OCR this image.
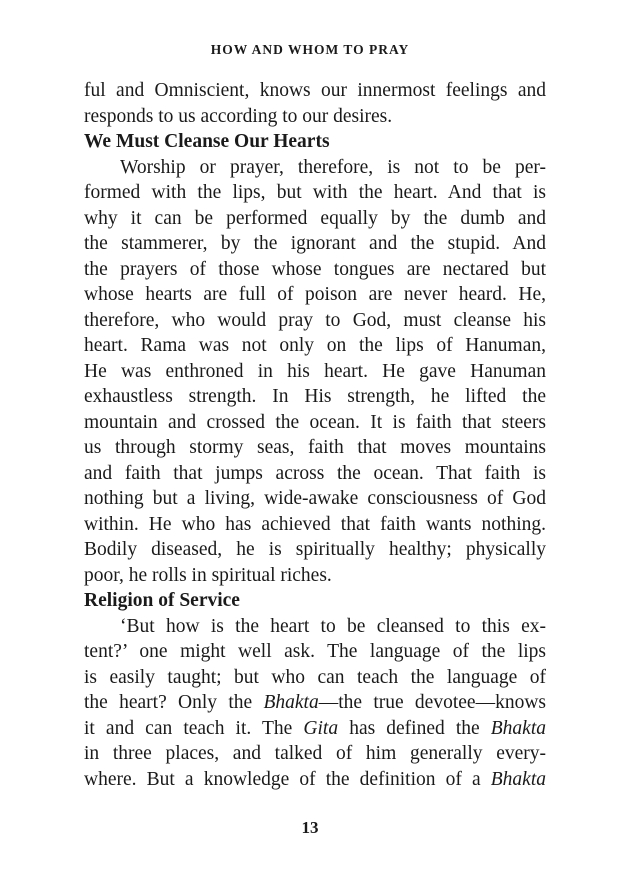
HOW AND WHOM TO PRAY

ful and Omniscient, knows our innermost feelings and
responds to us according to our desires.

We Must Cleanse Our Hearts

Worship or prayer, therefore, is not to be per-
formed with the lips, but with the heart. And that is
why it can be performed equally by the dumb and
the stammerer, by the ignorant and the stupid. And
the prayers of those whose tongues are nectared but
whose hearts are full of poison are never heard. He,
therefore, who would pray to God, must cleanse his
heart. Rama was not only on the lips of Hanuman,
He was enthroned in his heart. He gave Hanuman
exhaustless strength. In His strength, he lifted the
mountain and crossed the ocean. It is faith that steers
us through stormy seas, faith that moves mountains
and faith that jumps across the ocean. That faith is
nothing but a living, wide-awake consciousness of God
within. He who has achieved that faith wants nothing.
Bodily diseased, he is spiritually healthy; physically
poor, he rolls in spiritual riches.

Religion of Service

‘But how is the heart to be cleansed to this ex-
tent?’ one might well ask. The language of the lips
is easily taught; but who can teach the language of
the heart? Only the Bhakta—the true devotee—knows
it and can teach it. The Gita has defined the Bhakta
in three places, and talked of him generally every-
where. But a knowledge of the definition of a Bhakta

13
